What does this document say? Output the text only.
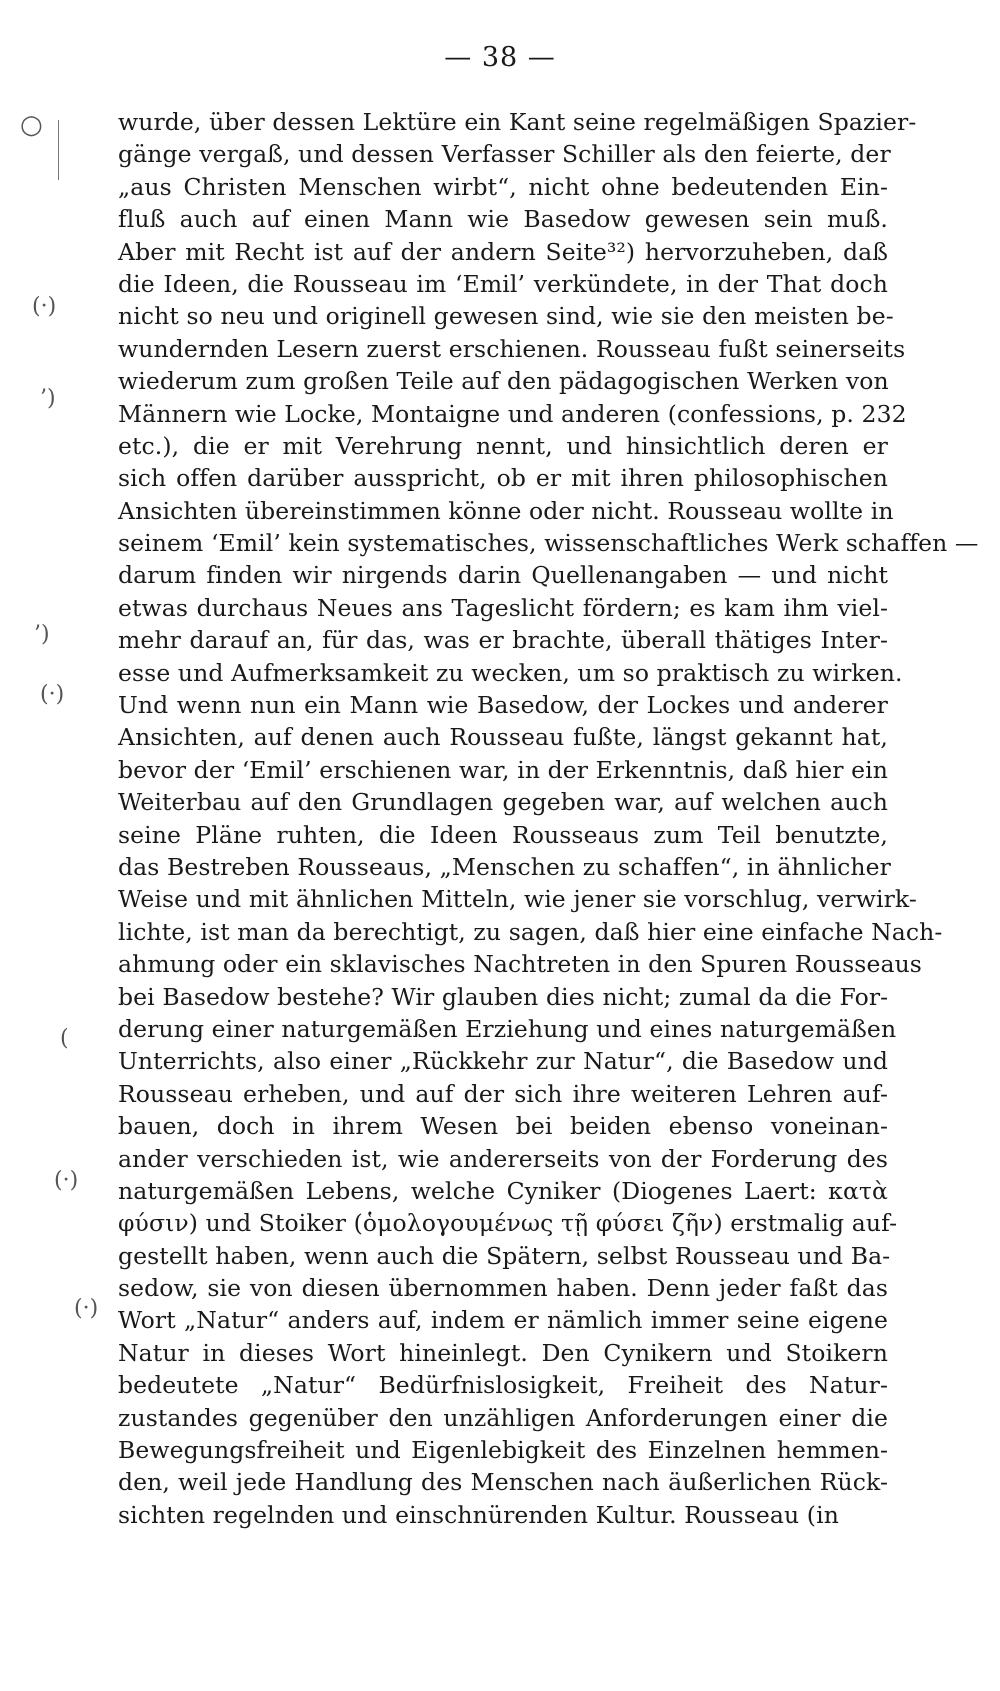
— 38 —
○
(·)
’)
’)
(·)
(
(·)
(·)
wurde, über dessen Lektüre ein Kant seine regelmäßigen Spazier-
gänge vergaß, und dessen Verfasser Schiller als den feierte, der
„aus Christen Menschen wirbt“, nicht ohne bedeutenden Ein-
fluß auch auf einen Mann wie Basedow gewesen sein muß.
Aber mit Recht ist auf der andern Seite³²) hervorzuheben, daß
die Ideen, die Rousseau im ‘Emil’ verkündete, in der That doch
nicht so neu und originell gewesen sind, wie sie den meisten be-
wundernden Lesern zuerst erschienen. Rousseau fußt seinerseits
wiederum zum großen Teile auf den pädagogischen Werken von
Männern wie Locke, Montaigne und anderen (confessions, p. 232
etc.), die er mit Verehrung nennt, und hinsichtlich deren er
sich offen darüber ausspricht, ob er mit ihren philosophischen
Ansichten übereinstimmen könne oder nicht. Rousseau wollte in
seinem ‘Emil’ kein systematisches, wissenschaftliches Werk schaffen —
darum finden wir nirgends darin Quellenangaben — und nicht
etwas durchaus Neues ans Tageslicht fördern; es kam ihm viel-
mehr darauf an, für das, was er brachte, überall thätiges Inter-
esse und Aufmerksamkeit zu wecken, um so praktisch zu wirken.
Und wenn nun ein Mann wie Basedow, der Lockes und anderer
Ansichten, auf denen auch Rousseau fußte, längst gekannt hat,
bevor der ‘Emil’ erschienen war, in der Erkenntnis, daß hier ein
Weiterbau auf den Grundlagen gegeben war, auf welchen auch
seine Pläne ruhten, die Ideen Rousseaus zum Teil benutzte,
das Bestreben Rousseaus, „Menschen zu schaffen“, in ähnlicher
Weise und mit ähnlichen Mitteln, wie jener sie vorschlug, verwirk-
lichte, ist man da berechtigt, zu sagen, daß hier eine einfache Nach-
ahmung oder ein sklavisches Nachtreten in den Spuren Rousseaus
bei Basedow bestehe? Wir glauben dies nicht; zumal da die For-
derung einer naturgemäßen Erziehung und eines naturgemäßen
Unterrichts, also einer „Rückkehr zur Natur“, die Basedow und
Rousseau erheben, und auf der sich ihre weiteren Lehren auf-
bauen, doch in ihrem Wesen bei beiden ebenso voneinan-
ander verschieden ist, wie andererseits von der Forderung des
naturgemäßen Lebens, welche Cyniker (Diogenes Laert: κατὰ
φύσιν) und Stoiker (ὁμολογουμένως τῇ φύσει ζῆν) erstmalig auf-
gestellt haben, wenn auch die Spätern, selbst Rousseau und Ba-
sedow, sie von diesen übernommen haben. Denn jeder faßt das
Wort „Natur“ anders auf, indem er nämlich immer seine eigene
Natur in dieses Wort hineinlegt. Den Cynikern und Stoikern
bedeutete „Natur“ Bedürfnislosigkeit, Freiheit des Natur-
zustandes gegenüber den unzähligen Anforderungen einer die
Bewegungsfreiheit und Eigenlebigkeit des Einzelnen hemmen-
den, weil jede Handlung des Menschen nach äußerlichen Rück-
sichten regelnden und einschnürenden Kultur. Rousseau (in
